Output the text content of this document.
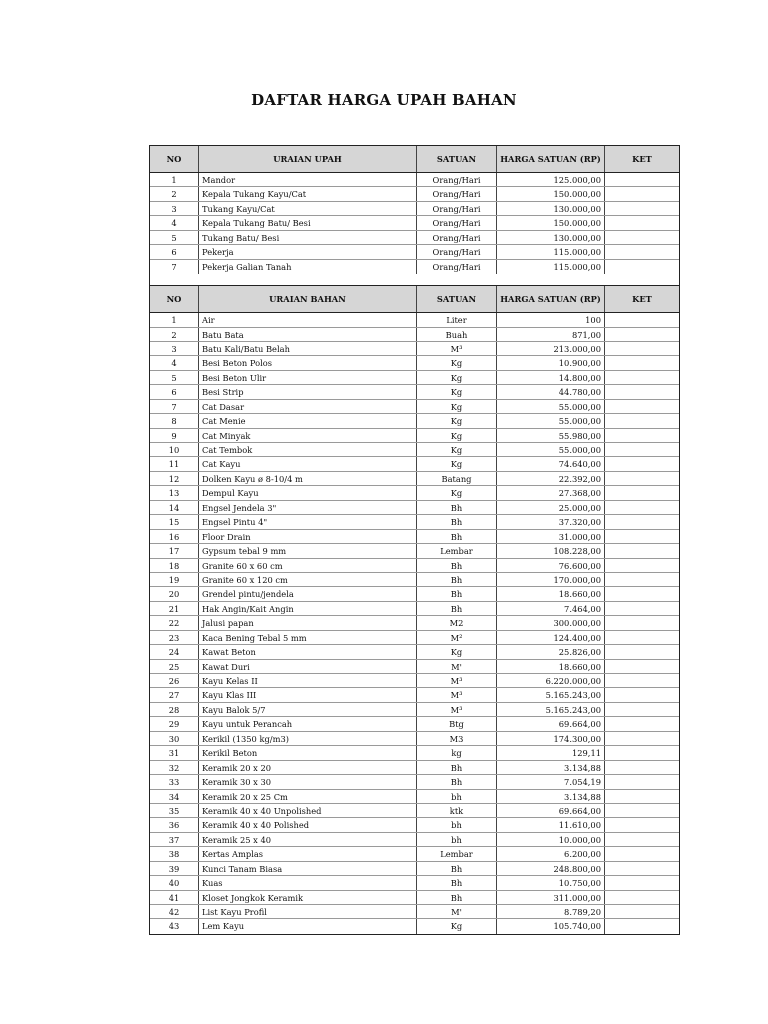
DAFTAR HARGA UPAH BAHAN
NO	URAIAN UPAH	SATUAN	HARGA SATUAN (RP)	KET
1	Mandor	Orang/Hari	125.000,00
2	Kepala Tukang Kayu/Cat	Orang/Hari	150.000,00
3	Tukang Kayu/Cat	Orang/Hari	130.000,00
4	Kepala Tukang Batu/ Besi	Orang/Hari	150.000,00
5	Tukang Batu/ Besi	Orang/Hari	130.000,00
6	Pekerja	Orang/Hari	115.000,00
7	Pekerja Galian Tanah	Orang/Hari	115.000,00
NO	URAIAN BAHAN	SATUAN	HARGA SATUAN (RP)	KET
1	Air	Liter	100
2	Batu Bata	Buah	871,00
3	Batu Kali/Batu Belah	M³	213.000,00
4	Besi Beton Polos	Kg	10.900,00
5	Besi Beton Ulir	Kg	14.800,00
6	Besi Strip	Kg	44.780,00
7	Cat Dasar	Kg	55.000,00
8	Cat Menie	Kg	55.000,00
9	Cat Minyak	Kg	55.980,00
10	Cat Tembok	Kg	55.000,00
11	Cat Kayu	Kg	74.640,00
12	Dolken Kayu ø 8-10/4 m	Batang	22.392,00
13	Dempul Kayu	Kg	27.368,00
14	Engsel Jendela 3"	Bh	25.000,00
15	Engsel Pintu 4"	Bh	37.320,00
16	Floor Drain	Bh	31.000,00
17	Gypsum tebal 9 mm	Lembar	108.228,00
18	Granite 60 x 60 cm	Bh	76.600,00
19	Granite 60 x 120 cm	Bh	170.000,00
20	Grendel pintu/jendela	Bh	18.660,00
21	Hak Angin/Kait Angin	Bh	7.464,00
22	Jalusi papan	M2	300.000,00
23	Kaca Bening Tebal 5 mm	M²	124.400,00
24	Kawat Beton	Kg	25.826,00
25	Kawat Duri	M'	18.660,00
26	Kayu Kelas II	M³	6.220.000,00
27	Kayu Klas III	M³	5.165.243,00
28	Kayu Balok 5/7	M³	5.165.243,00
29	Kayu untuk Perancah	Btg	69.664,00
30	Kerikil (1350 kg/m3)	M3	174.300,00
31	Kerikil Beton	kg	129,11
32	Keramik 20 x 20	Bh	3.134,88
33	Keramik 30 x 30	Bh	7.054,19
34	Keramik 20 x 25 Cm	bh	3.134,88
35	Keramik 40 x 40 Unpolished	ktk	69.664,00
36	Keramik 40 x 40 Polished	bh	11.610,00
37	Keramik 25 x 40	bh	10.000,00
38	Kertas Amplas	Lembar	6.200,00
39	Kunci Tanam Biasa	Bh	248.800,00
40	Kuas	Bh	10.750,00
41	Kloset Jongkok Keramik	Bh	311.000,00
42	List Kayu Profil	M'	8.789,20
43	Lem Kayu	Kg	105.740,00
